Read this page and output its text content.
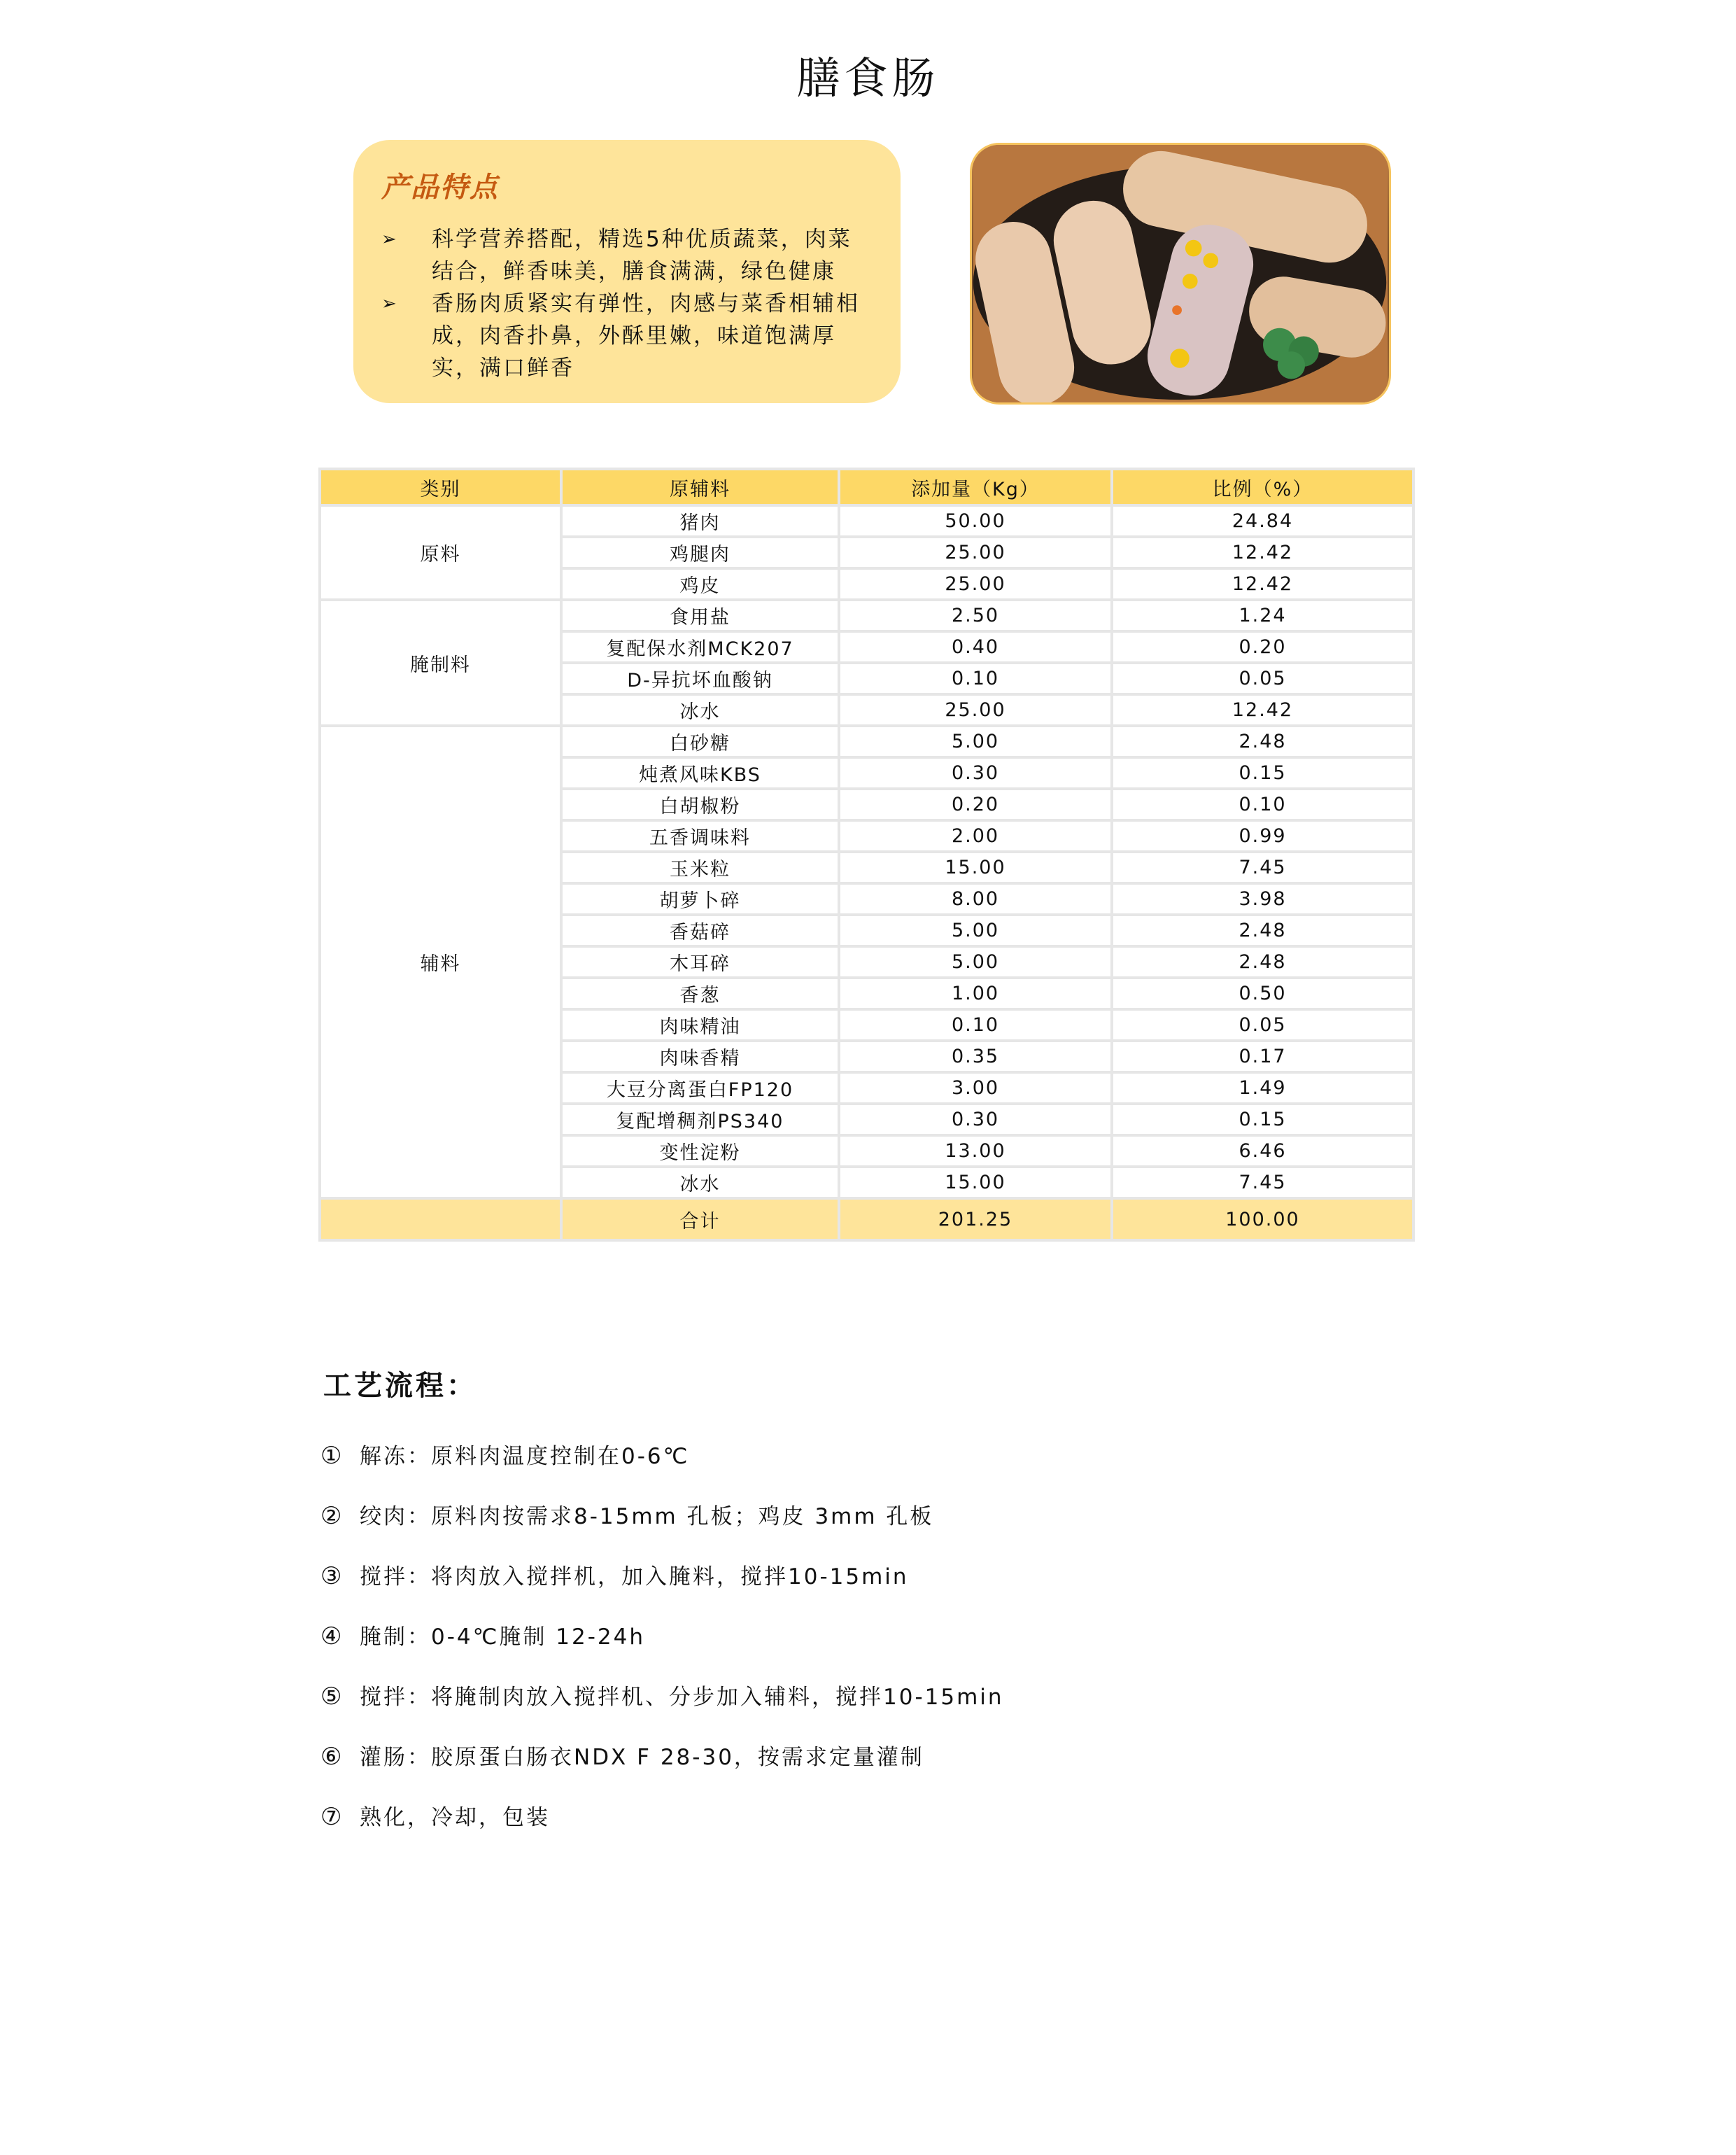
膳食肠
产品特点
➢	科学营养搭配，精选5种优质蔬菜，肉菜结合，鲜香味美，膳食满满，绿色健康
➢	香肠肉质紧实有弹性，肉感与菜香相辅相成，肉香扑鼻，外酥里嫩，味道饱满厚实，满口鲜香
类别	原辅料	添加量（Kg）	比例（%）
原料	猪肉	50.00	24.84
	鸡腿肉	25.00	12.42
	鸡皮	25.00	12.42
腌制料	食用盐	2.50	1.24
	复配保水剂MCK207	0.40	0.20
	D-异抗坏血酸钠	0.10	0.05
	冰水	25.00	12.42
辅料	白砂糖	5.00	2.48
	炖煮风味KBS	0.30	0.15
	白胡椒粉	0.20	0.10
	五香调味料	2.00	0.99
	玉米粒	15.00	7.45
	胡萝卜碎	8.00	3.98
	香菇碎	5.00	2.48
	木耳碎	5.00	2.48
	香葱	1.00	0.50
	肉味精油	0.10	0.05
	肉味香精	0.35	0.17
	大豆分离蛋白FP120	3.00	1.49
	复配增稠剂PS340	0.30	0.15
	变性淀粉	13.00	6.46
	冰水	15.00	7.45
	合计	201.25	100.00
工艺流程：
① 解冻：原料肉温度控制在0-6℃
② 绞肉：原料肉按需求8-15mm 孔板；鸡皮 3mm 孔板
③ 搅拌：将肉放入搅拌机，加入腌料，搅拌10-15min
④ 腌制：0-4℃腌制 12-24h
⑤ 搅拌：将腌制肉放入搅拌机、分步加入辅料，搅拌10-15min
⑥ 灌肠：胶原蛋白肠衣NDX F 28-30，按需求定量灌制
⑦ 熟化，冷却，包装
